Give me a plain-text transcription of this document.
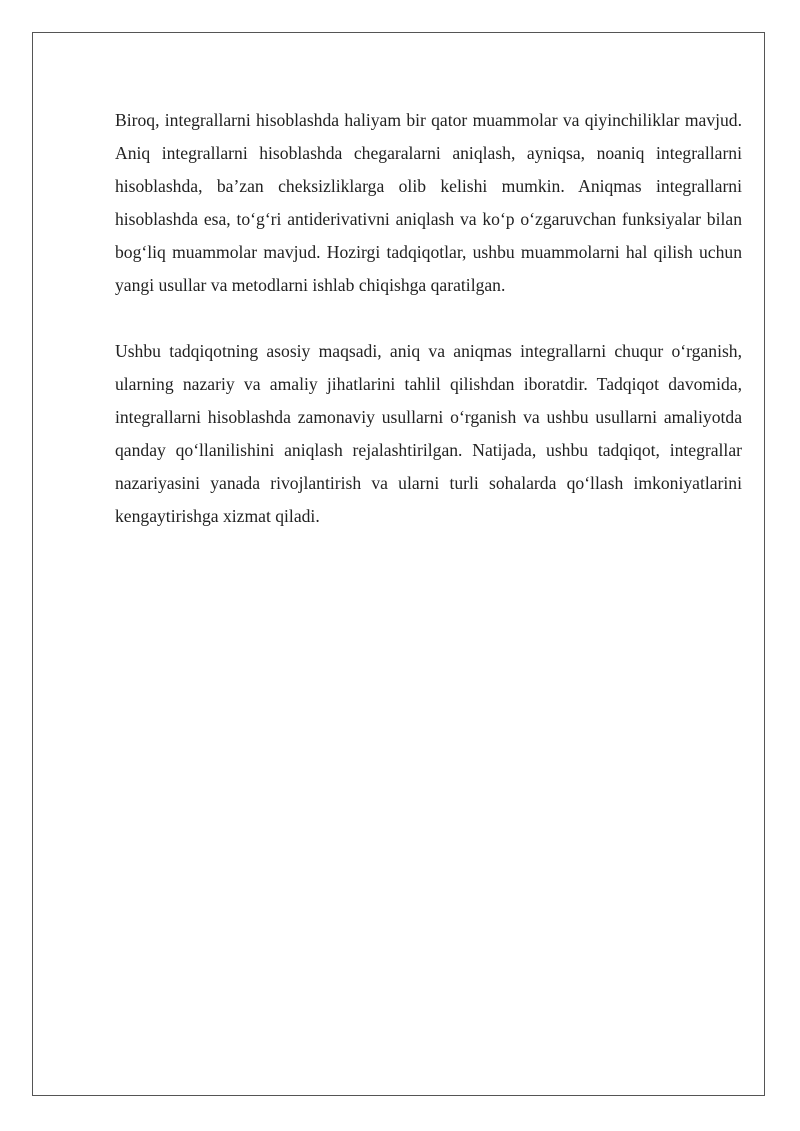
Biroq, integrallarni hisoblashda haliyam bir qator muammolar va qiyinchiliklar mavjud. Aniq integrallarni hisoblashda chegaralarni aniqlash, ayniqsa, noaniq integrallarni hisoblashda, ba’zan cheksizliklarga olib kelishi mumkin. Aniqmas integrallarni hisoblashda esa, to‘g‘ri antiderivativni aniqlash va ko‘p o‘zgaruvchan funksiyalar bilan bog‘liq muammolar mavjud. Hozirgi tadqiqotlar, ushbu muammolarni hal qilish uchun yangi usullar va metodlarni ishlab chiqishga qaratilgan.

Ushbu tadqiqotning asosiy maqsadi, aniq va aniqmas integrallarni chuqur o‘rganish, ularning nazariy va amaliy jihatlarini tahlil qilishdan iboratdir. Tadqiqot davomida, integrallarni hisoblashda zamonaviy usullarni o‘rganish va ushbu usullarni amaliyotda qanday qo‘llanilishini aniqlash rejalashtirilgan. Natijada, ushbu tadqiqot, integrallar nazariyasini yanada rivojlantirish va ularni turli sohalarda qo‘llash imkoniyatlarini kengaytirishga xizmat qiladi.
